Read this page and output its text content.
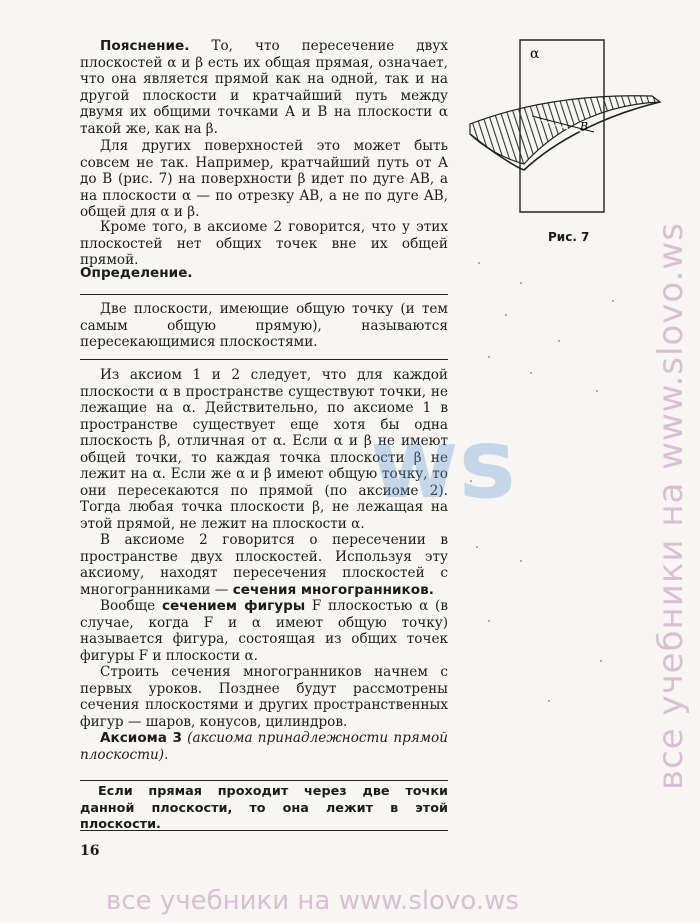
Пояснение. То, что пересечение двух плоскостей α и β есть их общая прямая, означает, что она является прямой как на одной, так и на другой плоскости и кратчайший путь между двумя их общими точками A и B на плоскости α такой же, как на β.

Для других поверхностей это может быть совсем не так. Например, кратчайший путь от A до B (рис. 7) на поверхности β идет по дуге AB, а на плоскости α — по отрезку AB, а не по дуге AB, общей для α и β.

Кроме того, в аксиоме 2 говорится, что у этих плоскостей нет общих точек вне их общей прямой.

Определение.

Две плоскости, имеющие общую точку (и тем самым общую прямую), называются пересекающимися плоскостями.

Из аксиом 1 и 2 следует, что для каждой плоскости α в пространстве существуют точки, не лежащие на α. Действительно, по аксиоме 1 в пространстве существует еще хотя бы одна плоскость β, отличная от α. Если α и β не имеют общей точки, то каждая точка плоскости β не лежит на α. Если же α и β имеют общую точку, то они пересекаются по прямой (по аксиоме 2). Тогда любая точка плоскости β, не лежащая на этой прямой, не лежит на плоскости α.

В аксиоме 2 говорится о пересечении в пространстве двух плоскостей. Используя эту аксиому, находят пересечения плоскостей с многогранниками — сечения многогранников.

Вообще сечением фигуры F плоскостью α (в случае, когда F и α имеют общую точку) называется фигура, состоящая из общих точек фигуры F и плоскости α.

Строить сечения многогранников начнем с первых уроков. Позднее будут рассмотрены сечения плоскостями и других пространственных фигур — шаров, конусов, цилиндров.

Аксиома 3 (аксиома принадлежности прямой плоскости).

Если прямая проходит через две точки данной плоскости, то она лежит в этой плоскости.

16
α
B
Рис. 7
ws	все учебники на www.slovo.ws
все учебники на www.slovo.ws
